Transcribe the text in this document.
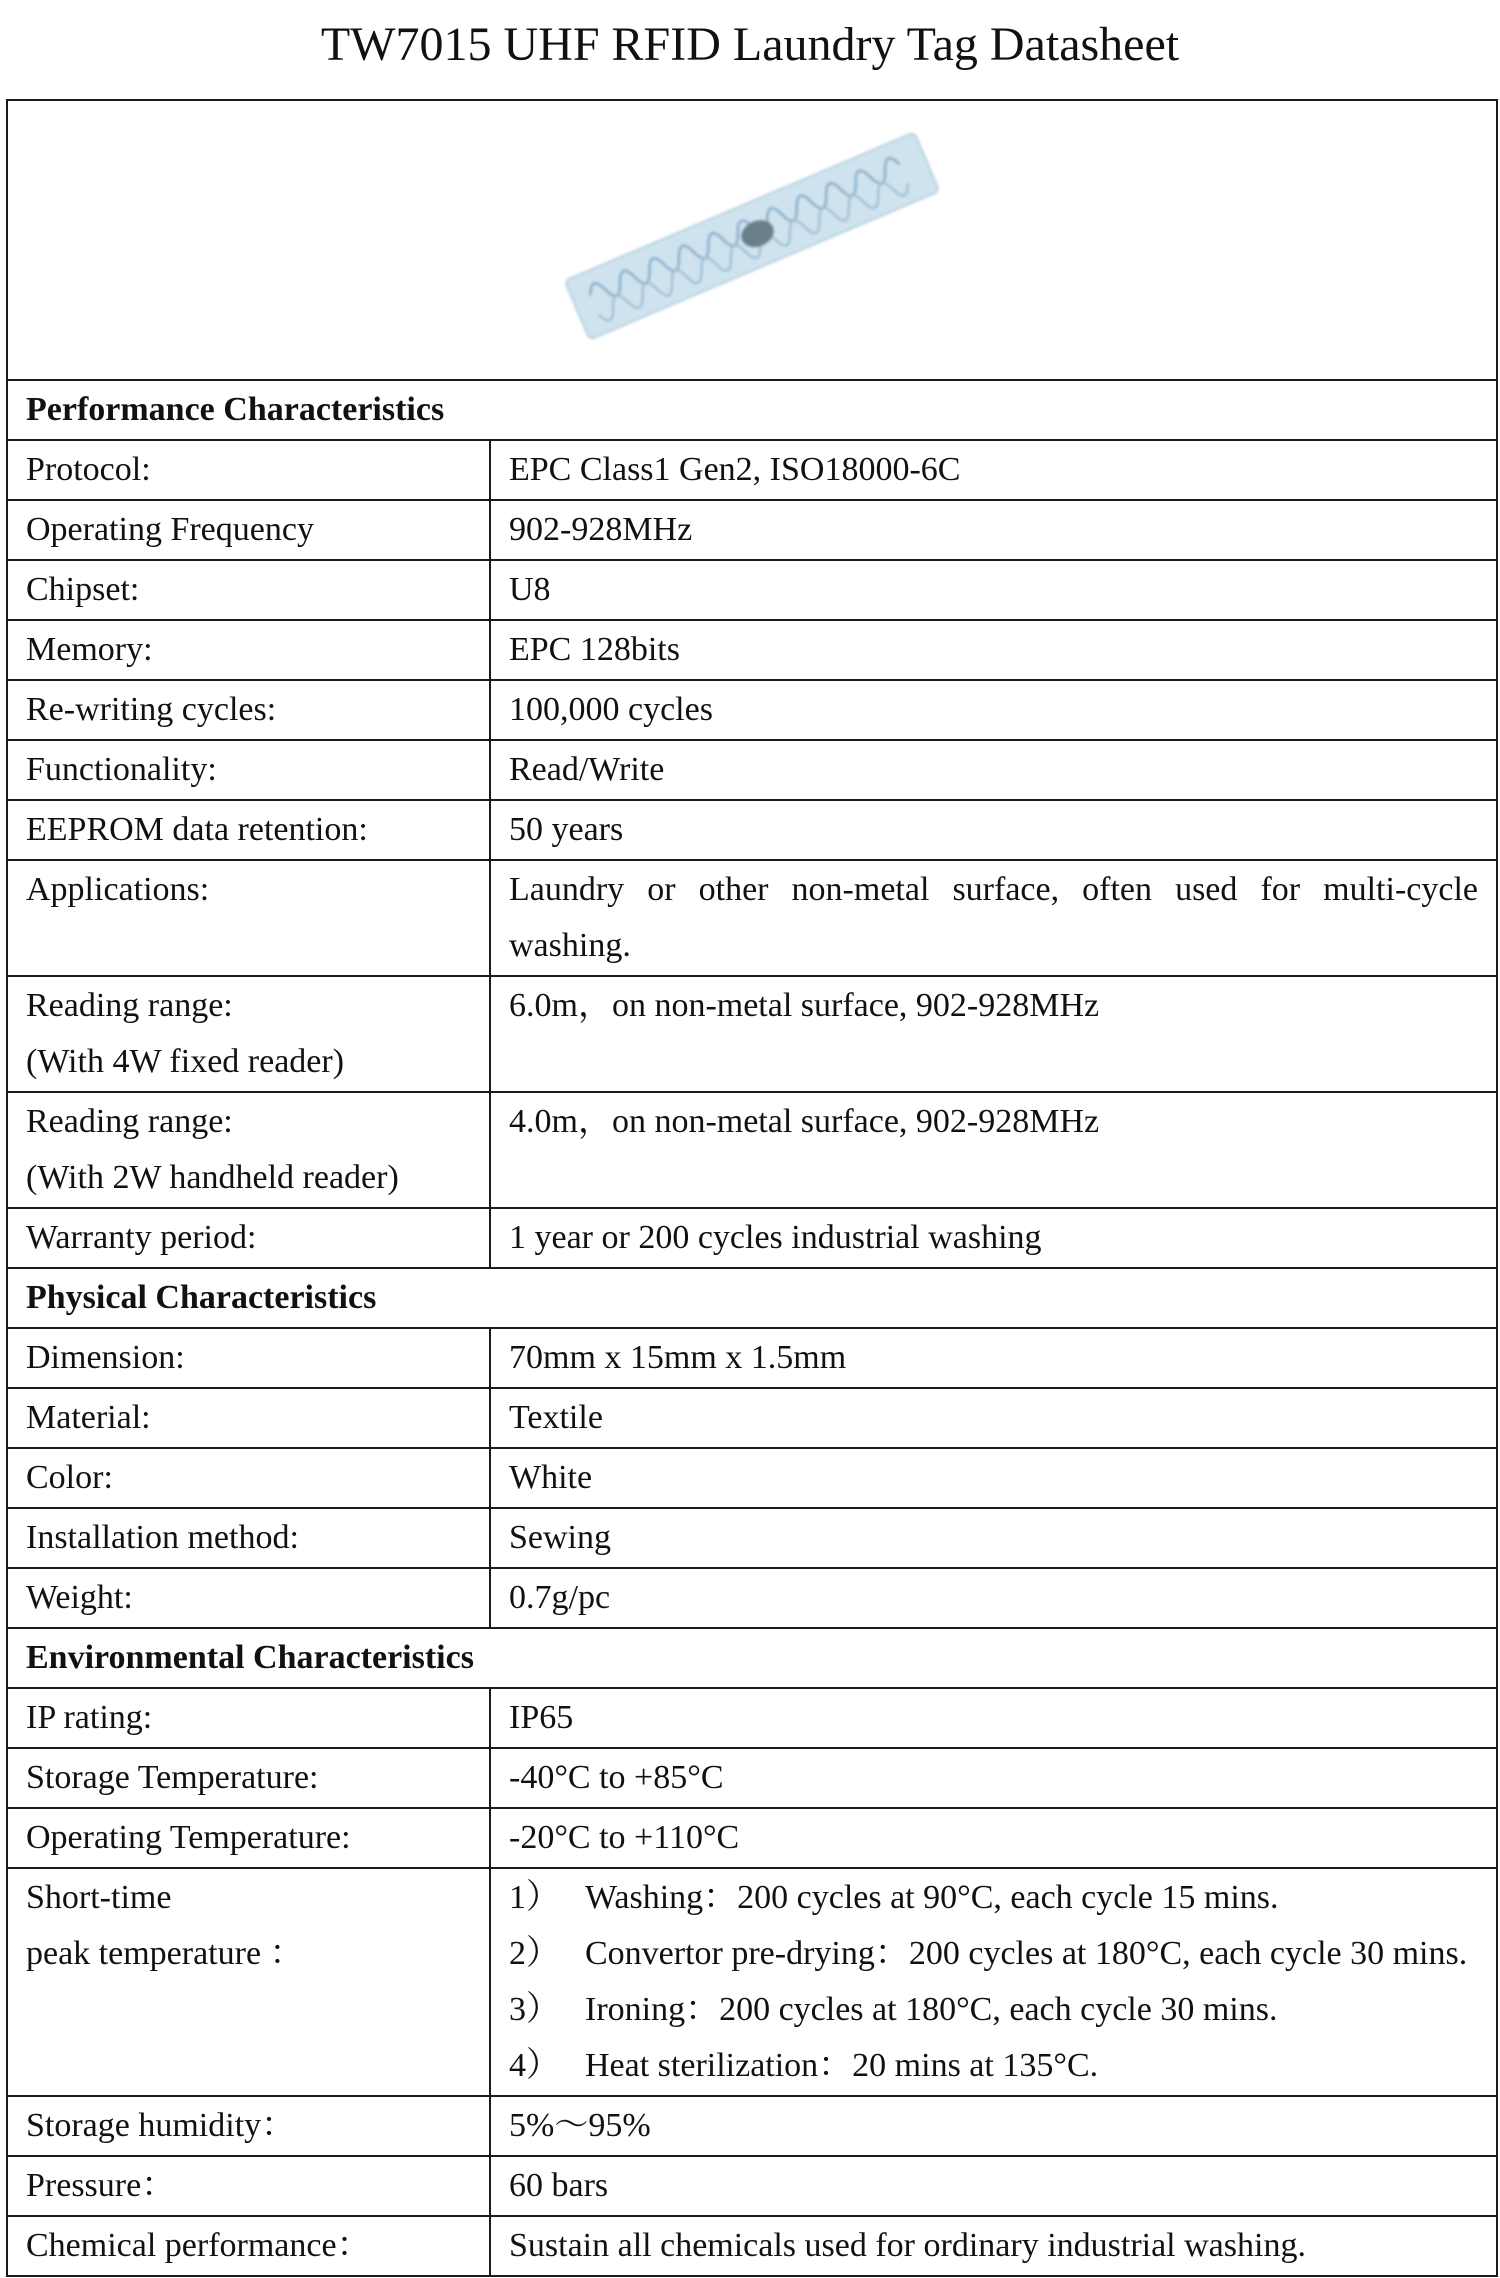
TW7015 UHF RFID Laundry Tag Datasheet

Performance Characteristics	

Protocol:	EPC Class1 Gen2, ISO18000-6C

Operating Frequency	902-928MHz

Chipset:	U8

Memory:	EPC 128bits

Re-writing cycles:	100,000 cycles

Functionality:	Read/Write

EEPROM data retention:	50 years

Applications:	Laundry or other non-metal surface, often used for multi-cycle washing.

Reading range:
(With 4W fixed reader)	6.0m，on non-metal surface, 902-928MHz

Reading range:
(With 2W handheld reader)	4.0m，on non-metal surface, 902-928MHz

Warranty period:	1 year or 200 cycles industrial washing
Physical Characteristics	

Dimension:	70mm x 15mm x 1.5mm

Material:	Textile

Color:	White

Installation method:	Sewing

Weight:	0.7g/pc
Environmental Characteristics	

IP rating:	IP65

Storage Temperature:	-40°C to +85°C

Operating Temperature:	-20°C to +110°C

Short-time
peak temperature ：	1） Washing：200 cycles at 90°C, each cycle 15 mins.
2） Convertor pre-drying：200 cycles at 180°C, each cycle 30 mins.
3） Ironing：200 cycles at 180°C, each cycle 30 mins.
4） Heat sterilization：20 mins at 135°C.

Storage humidity：	5%～95%

Pressure：	60 bars

Chemical performance：	Sustain all chemicals used for ordinary industrial washing.
